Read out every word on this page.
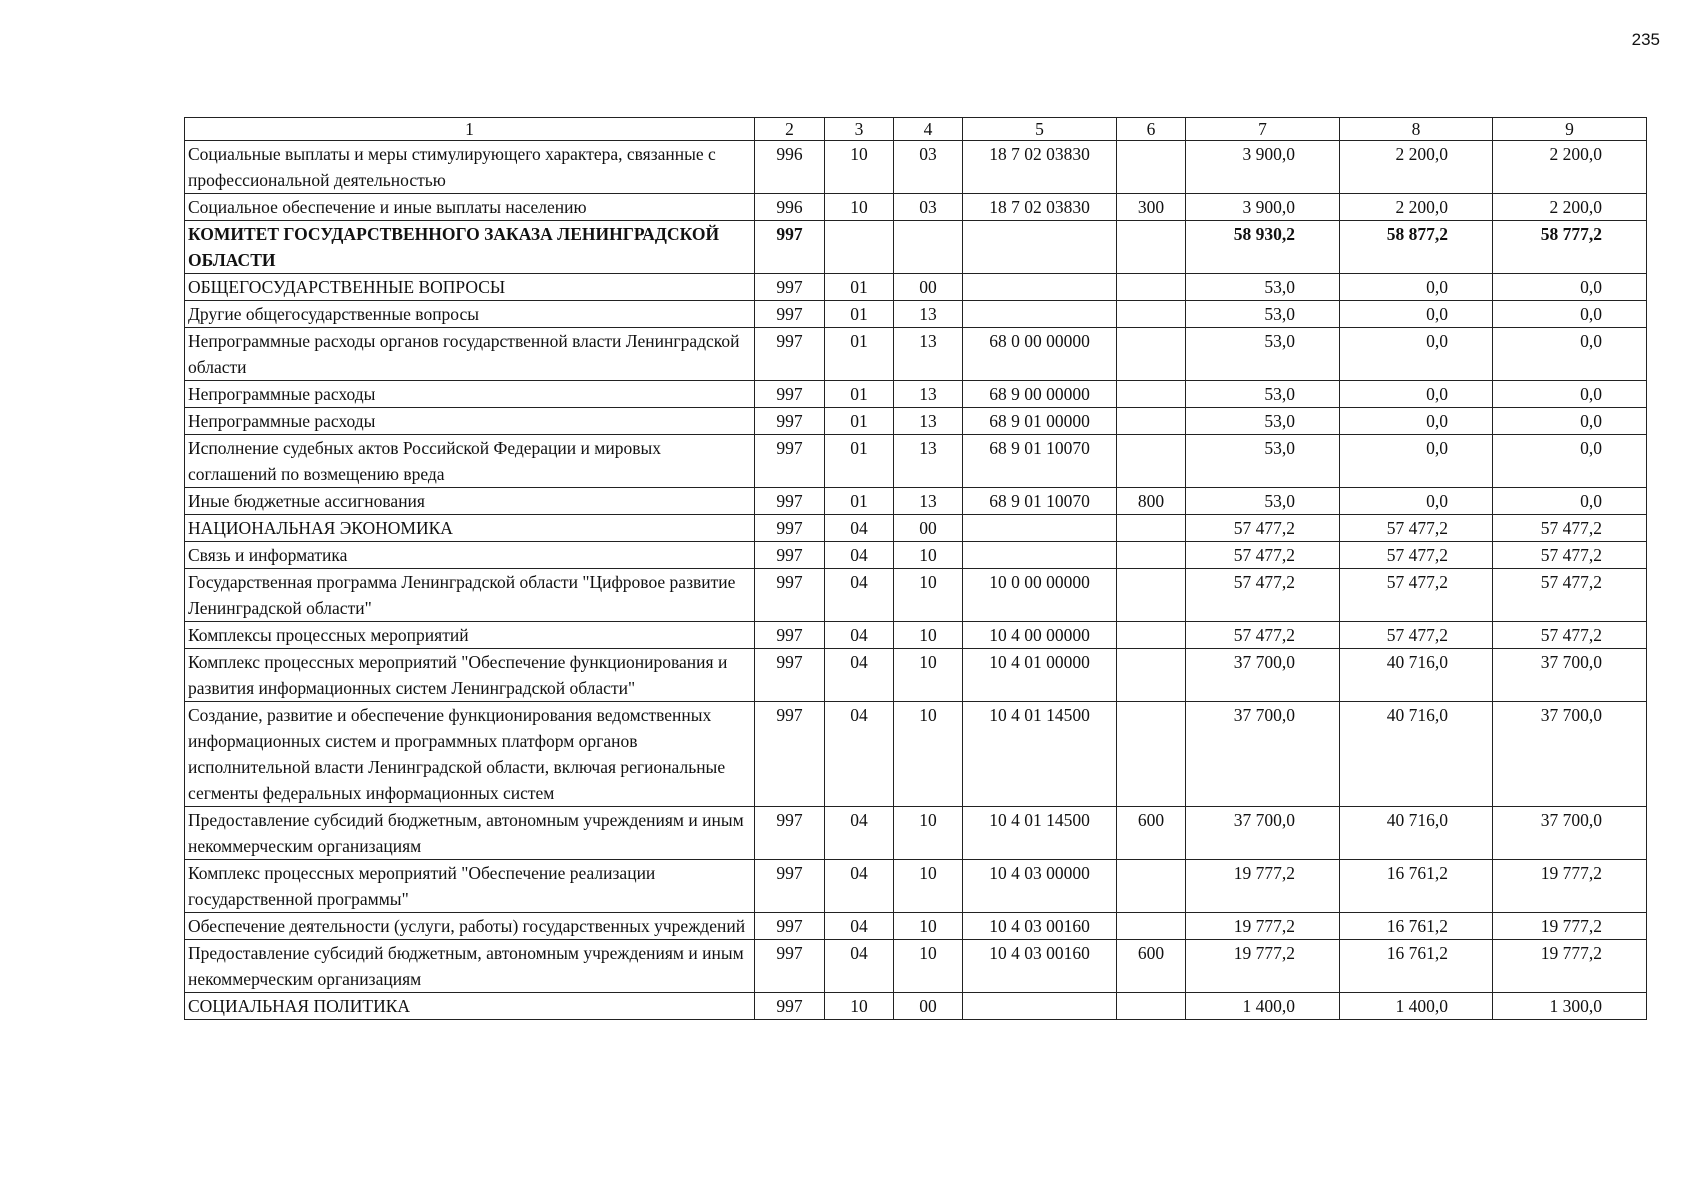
235
1	2	3	4	5	6	7	8	9
Социальные выплаты и меры стимулирующего характера, связанные с профессиональной деятельностью	996	10	03	18 7 02 03830		3 900,0	2 200,0	2 200,0
Социальное обеспечение и иные выплаты населению	996	10	03	18 7 02 03830	300	3 900,0	2 200,0	2 200,0
КОМИТЕТ ГОСУДАРСТВЕННОГО ЗАКАЗА ЛЕНИНГРАДСКОЙ ОБЛАСТИ	997					58 930,2	58 877,2	58 777,2
ОБЩЕГОСУДАРСТВЕННЫЕ ВОПРОСЫ	997	01	00			53,0	0,0	0,0
Другие общегосударственные вопросы	997	01	13			53,0	0,0	0,0
Непрограммные расходы органов государственной власти Ленинградской области	997	01	13	68 0 00 00000		53,0	0,0	0,0
Непрограммные расходы	997	01	13	68 9 00 00000		53,0	0,0	0,0
Непрограммные расходы	997	01	13	68 9 01 00000		53,0	0,0	0,0
Исполнение судебных актов Российской Федерации и мировых соглашений по возмещению вреда	997	01	13	68 9 01 10070		53,0	0,0	0,0
Иные бюджетные ассигнования	997	01	13	68 9 01 10070	800	53,0	0,0	0,0
НАЦИОНАЛЬНАЯ ЭКОНОМИКА	997	04	00			57 477,2	57 477,2	57 477,2
Связь и информатика	997	04	10			57 477,2	57 477,2	57 477,2
Государственная программа Ленинградской области "Цифровое развитие Ленинградской области"	997	04	10	10 0 00 00000		57 477,2	57 477,2	57 477,2
Комплексы процессных мероприятий	997	04	10	10 4 00 00000		57 477,2	57 477,2	57 477,2
Комплекс процессных мероприятий "Обеспечение функционирования и развития информационных систем Ленинградской области"	997	04	10	10 4 01 00000		37 700,0	40 716,0	37 700,0
Создание, развитие и обеспечение функционирования ведомственных информационных систем и программных платформ органов исполнительной власти Ленинградской области, включая региональные сегменты федеральных информационных систем	997	04	10	10 4 01 14500		37 700,0	40 716,0	37 700,0
Предоставление субсидий бюджетным, автономным учреждениям и иным некоммерческим организациям	997	04	10	10 4 01 14500	600	37 700,0	40 716,0	37 700,0
Комплекс процессных мероприятий "Обеспечение реализации государственной программы"	997	04	10	10 4 03 00000		19 777,2	16 761,2	19 777,2
Обеспечение деятельности (услуги, работы) государственных учреждений	997	04	10	10 4 03 00160		19 777,2	16 761,2	19 777,2
Предоставление субсидий бюджетным, автономным учреждениям и иным некоммерческим организациям	997	04	10	10 4 03 00160	600	19 777,2	16 761,2	19 777,2
СОЦИАЛЬНАЯ ПОЛИТИКА	997	10	00			1 400,0	1 400,0	1 300,0
